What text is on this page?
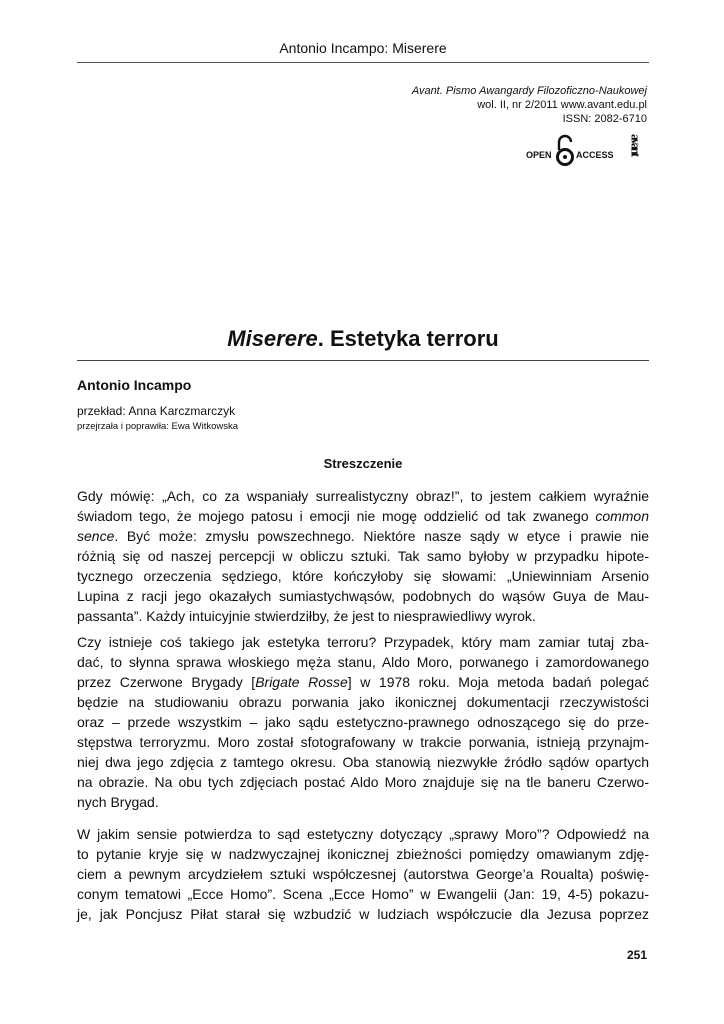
Antonio Incampo: Miserere
Avant. Pismo Awangardy Filozoficzno-Naukowej
wol. II, nr 2/2011 www.avant.edu.pl
ISSN: 2082-6710
OPEN	ACCESS avant
Miserere. Estetyka terroru
Antonio Incampo
przekład: Anna Karczmarczyk
przejrzała i poprawiła: Ewa Witkowska
Streszczenie
Gdy mówię: „Ach, co za wspaniały surrealistyczny obraz!”, to jestem całkiem wyraźnie
świadom tego, że mojego patosu i emocji nie mogę oddzielić od tak zwanego common
sence. Być może: zmysłu powszechnego. Niektóre nasze sądy w etyce i prawie nie
różnią się od naszej percepcji w obliczu sztuki. Tak samo byłoby w przypadku hipote-
tycznego orzeczenia sędziego, które kończyłoby się słowami: „Uniewinniam Arsenio
Lupina z racji jego okazałych sumiastychwąsów, podobnych do wąsów Guya de Mau-
passanta”. Każdy intuicyjnie stwierdziłby, że jest to niesprawiedliwy wyrok.
Czy istnieje coś takiego jak estetyka terroru? Przypadek, który mam zamiar tutaj zba-
dać, to słynna sprawa włoskiego męża stanu, Aldo Moro, porwanego i zamordowanego
przez Czerwone Brygady [Brigate Rosse] w 1978 roku. Moja metoda badań polegać
będzie na studiowaniu obrazu porwania jako ikonicznej dokumentacji rzeczywistości
oraz – przede wszystkim – jako sądu estetyczno-prawnego odnoszącego się do prze-
stępstwa terroryzmu. Moro został sfotografowany w trakcie porwania, istnieją przynajm-
niej dwa jego zdjęcia z tamtego okresu. Oba stanowią niezwykłe źródło sądów opartych
na obrazie. Na obu tych zdjęciach postać Aldo Moro znajduje się na tle baneru Czerwo-
nych Brygad.
W jakim sensie potwierdza to sąd estetyczny dotyczący „sprawy Moro”? Odpowiedź na
to pytanie kryje się w nadzwyczajnej ikonicznej zbieżności pomiędzy omawianym zdję-
ciem a pewnym arcydziełem sztuki współczesnej (autorstwa George’a Roualta) poświę-
conym tematowi „Ecce Homo”. Scena „Ecce Homo” w Ewangelii (Jan: 19, 4-5) pokazu-
je, jak Poncjusz Piłat starał się wzbudzić w ludziach współczucie dla Jezusa poprzez
251
